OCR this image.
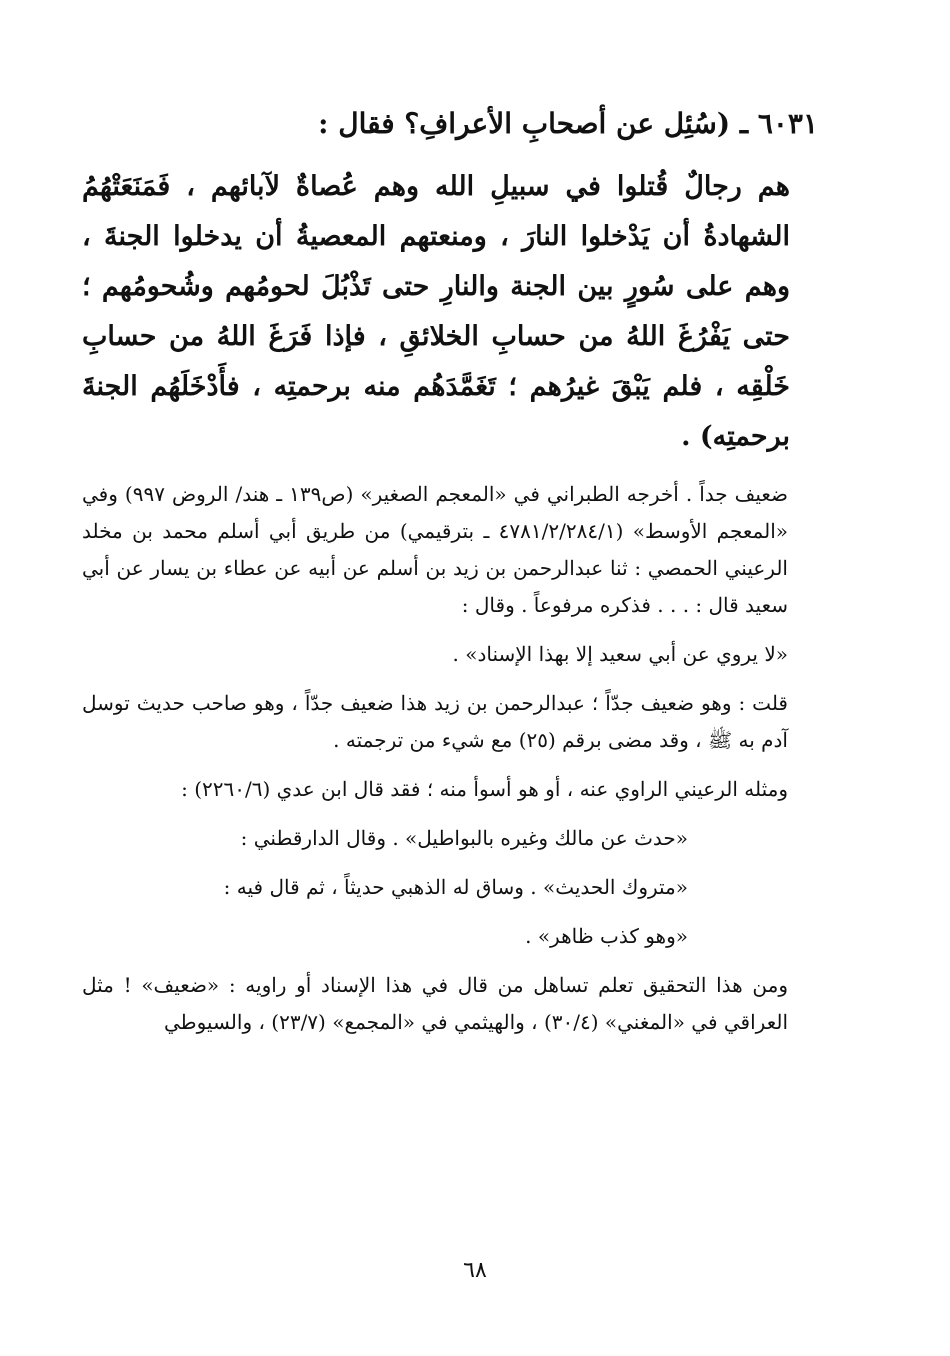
٦٠٣١ ـ (سُئِل عن أصحابِ الأعرافِ؟ فقال :
هم رجالٌ قُتلوا في سبيلِ الله وهم عُصاةٌ لآبائهم ، فَمَنَعَتْهُمُ الشهادةُ أن يَدْخلوا النارَ ، ومنعتهم المعصيةُ أن يدخلوا الجنةَ ، وهم على سُورٍ بين الجنة والنارِ حتى تَذْبُلَ لحومُهم وشُحومُهم ؛ حتى يَفْرُغَ اللهُ من حسابِ الخلائقِ ، فإذا فَرَغَ اللهُ من حسابِ خَلْقِه ، فلم يَبْقَ غيرُهم ؛ تَغَمَّدَهُم منه برحمتِه ، فأَدْخَلَهُم الجنةَ برحمتِه) .

ضعيف جداً . أخرجه الطبراني في «المعجم الصغير» (ص١٣٩ ـ هند/ الروض ٩٩٧) وفي «المعجم الأوسط» (٤٧٨١/٢/٢٨٤/١ ـ بترقيمي) من طريق أبي أسلم محمد بن مخلد الرعيني الحمصي : ثنا عبدالرحمن بن زيد بن أسلم عن أبيه عن عطاء بن يسار عن أبي سعيد قال : . . . فذكره مرفوعاً . وقال :

«لا يروي عن أبي سعيد إلا بهذا الإسناد» .

قلت : وهو ضعيف جدّاً ؛ عبدالرحمن بن زيد هذا ضعيف جدّاً ، وهو صاحب حديث توسل آدم به ﷺ ، وقد مضى برقم (٢٥) مع شيء من ترجمته .

ومثله الرعيني الراوي عنه ، أو هو أسوأ منه ؛ فقد قال ابن عدي (٢٢٦٠/٦) :

«حدث عن مالك وغيره بالبواطيل» . وقال الدارقطني :

«متروك الحديث» . وساق له الذهبي حديثاً ، ثم قال فيه :

«وهو كذب ظاهر» .

ومن هذا التحقيق تعلم تساهل من قال في هذا الإسناد أو راويه : «ضعيف» ! مثل العراقي في «المغني» (٣٠/٤) ، والهيثمي في «المجمع» (٢٣/٧) ، والسيوطي

٦٨
